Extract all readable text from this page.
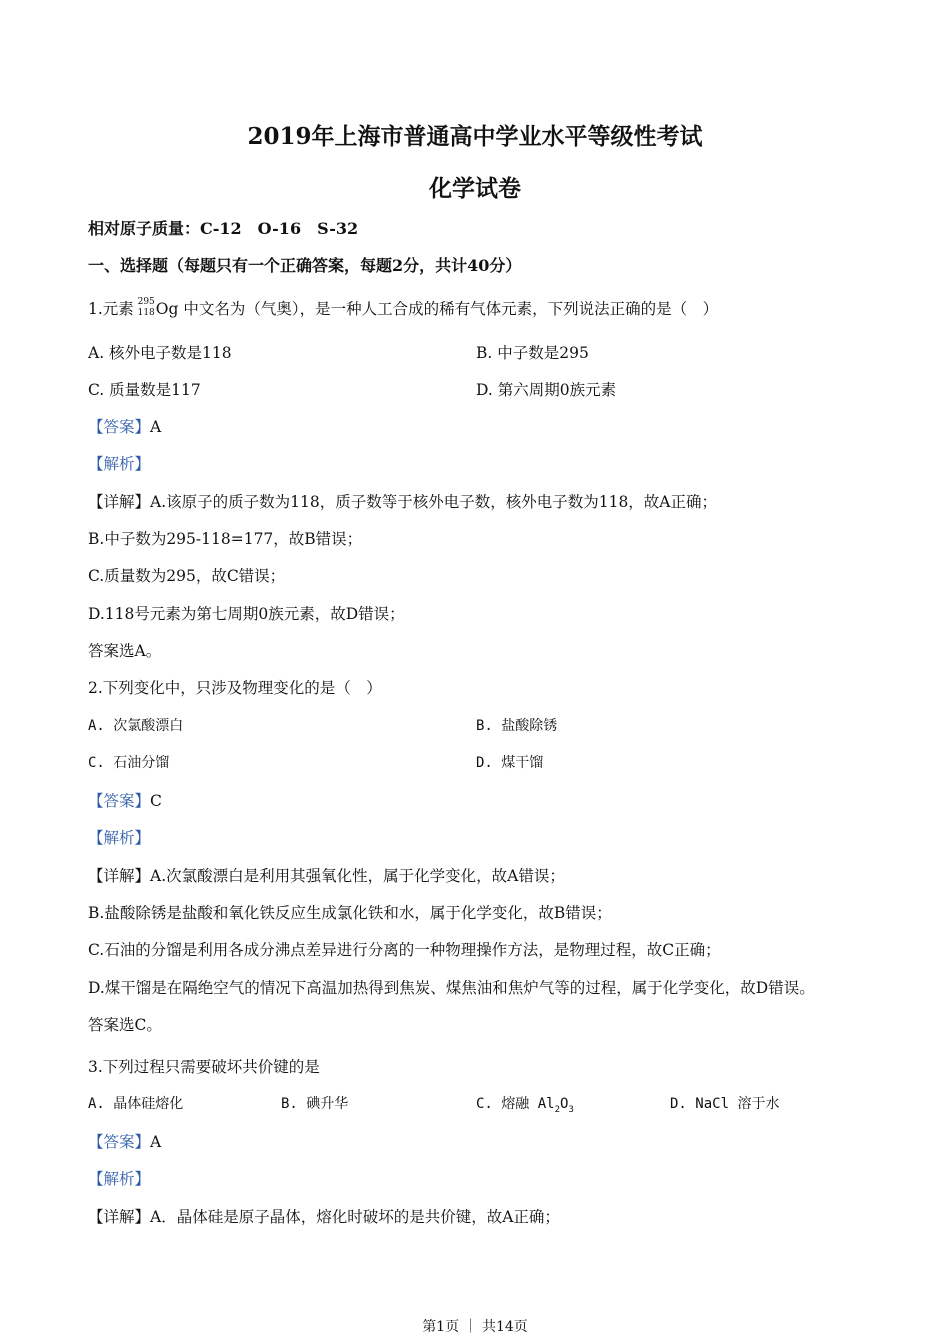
2019年上海市普通高中学业水平等级性考试
化学试卷
相对原子质量：C-12　O-16　S-32
一、选择题（每题只有一个正确答案，每题2分，共计40分）
1.元素 295
118 Og 中文名为（气奥），是一种人工合成的稀有气体元素，下列说法正确的是（　）
A. 核外电子数是118	B. 中子数是295
C. 质量数是117	D. 第六周期0族元素
【答案】A
【解析】
【详解】A.该原子的质子数为118，质子数等于核外电子数，核外电子数为118，故A正确；
B.中子数为295-118=177，故B错误；
C.质量数为295，故C错误；
D.118号元素为第七周期0族元素，故D错误；
答案选A。
2.下列变化中，只涉及物理变化的是（　）
A. 次氯酸漂白	B. 盐酸除锈
C. 石油分馏	D. 煤干馏
【答案】C
【解析】
【详解】A.次氯酸漂白是利用其强氧化性，属于化学变化，故A错误；
B.盐酸除锈是盐酸和氧化铁反应生成氯化铁和水，属于化学变化，故B错误；
C.石油的分馏是利用各成分沸点差异进行分离的一种物理操作方法，是物理过程，故C正确；
D.煤干馏是在隔绝空气的情况下高温加热得到焦炭、煤焦油和焦炉气等的过程，属于化学变化，故D错误。
答案选C。
3.下列过程只需要破坏共价键的是
A. 晶体硅熔化	B. 碘升华	C. 熔融 $Al_2O_3$	D. NaCl 溶于水
【答案】A
【解析】
【详解】A．晶体硅是原子晶体，熔化时破坏的是共价键，故A正确；
第1页 ｜ 共14页
